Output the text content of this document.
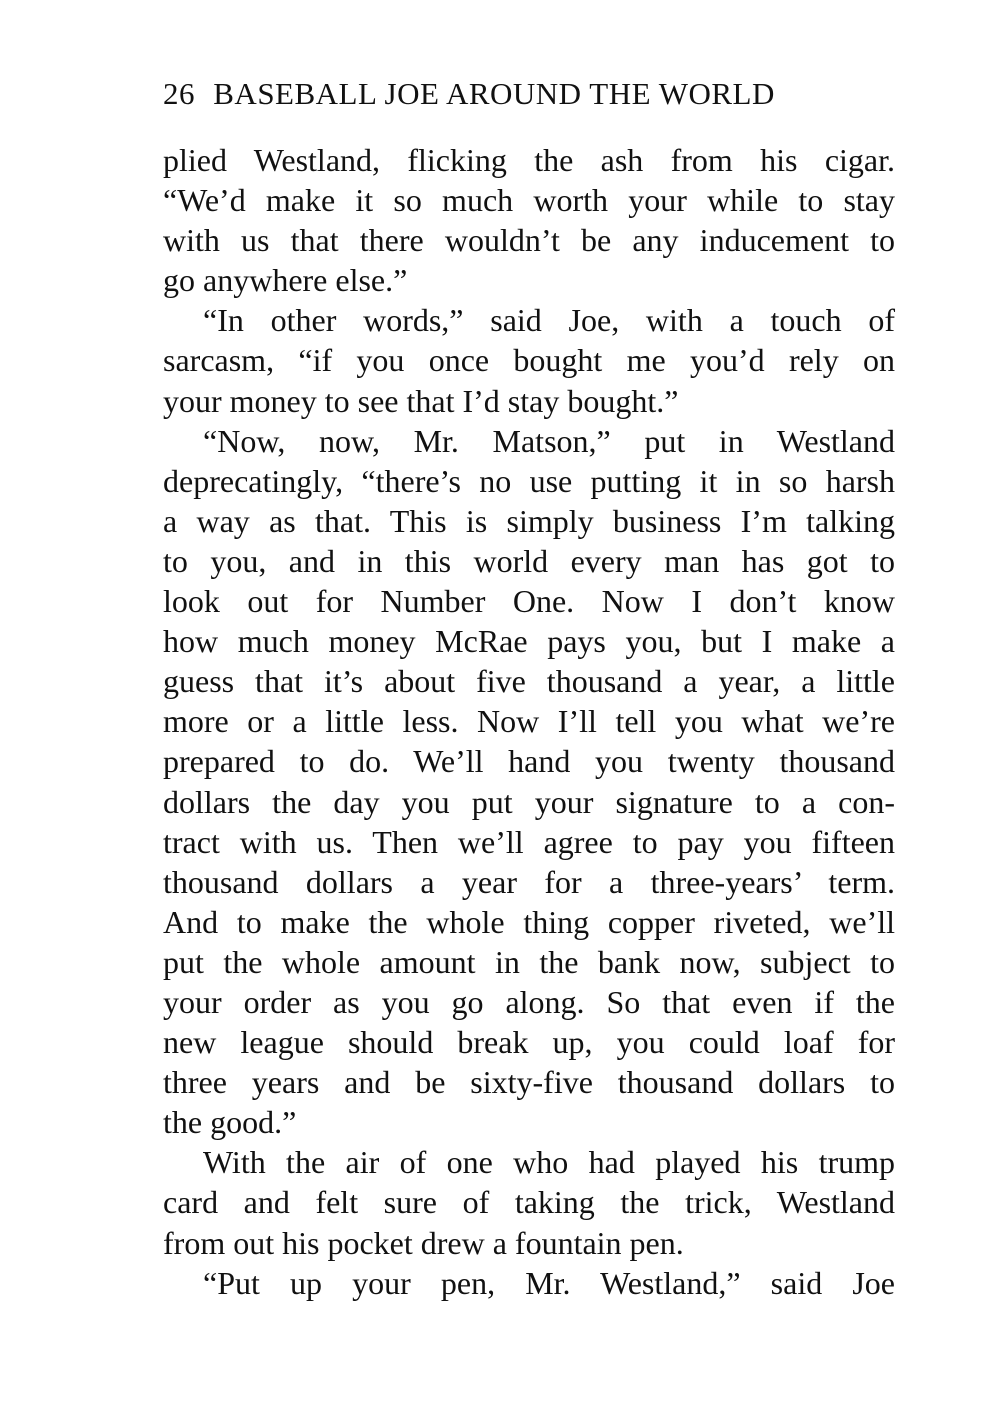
26 BASEBALL JOE AROUND THE WORLD
plied Westland, flicking the ash from his cigar.
“We’d make it so much worth your while to stay
with us that there wouldn’t be any inducement to
go anywhere else.”
“In other words,” said Joe, with a touch of
sarcasm, “if you once bought me you’d rely on
your money to see that I’d stay bought.”
“Now, now, Mr. Matson,” put in Westland
deprecatingly, “there’s no use putting it in so harsh
a way as that. This is simply business I’m talking
to you, and in this world every man has got to
look out for Number One. Now I don’t know
how much money McRae pays you, but I make a
guess that it’s about five thousand a year, a little
more or a little less. Now I’ll tell you what we’re
prepared to do. We’ll hand you twenty thousand
dollars the day you put your signature to a con-
tract with us. Then we’ll agree to pay you fifteen
thousand dollars a year for a three-years’ term.
And to make the whole thing copper riveted, we’ll
put the whole amount in the bank now, subject to
your order as you go along. So that even if the
new league should break up, you could loaf for
three years and be sixty-five thousand dollars to
the good.”
With the air of one who had played his trump
card and felt sure of taking the trick, Westland
from out his pocket drew a fountain pen.
“Put up your pen, Mr. Westland,” said Joe
